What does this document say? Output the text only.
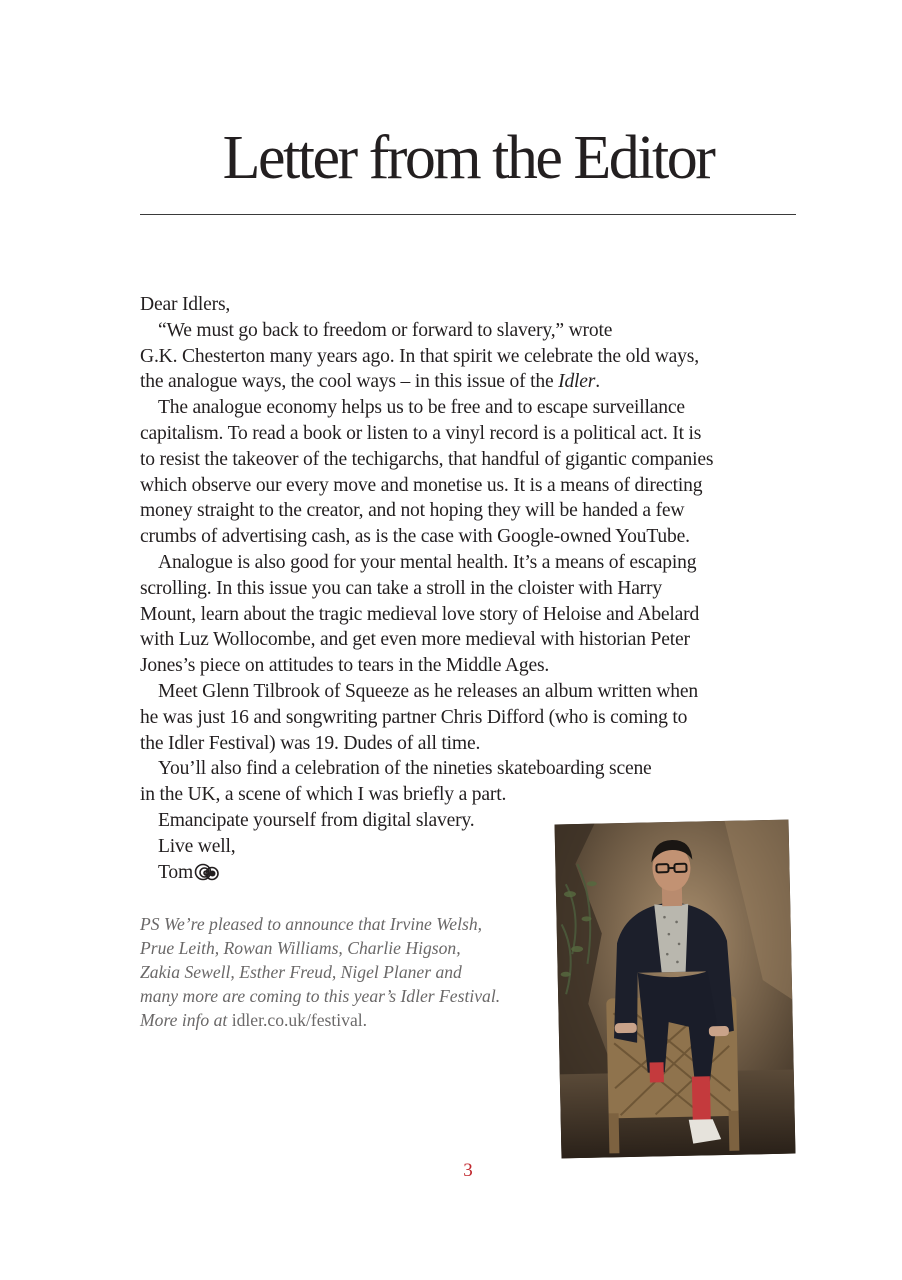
Letter from the Editor
Dear Idlers,
“We must go back to freedom or forward to slavery,” wrote
G.K. Chesterton many years ago. In that spirit we celebrate the old ways,
the analogue ways, the cool ways – in this issue of the Idler.
The analogue economy helps us to be free and to escape surveillance
capitalism. To read a book or listen to a vinyl record is a political act. It is
to resist the takeover of the techigarchs, that handful of gigantic companies
which observe our every move and monetise us. It is a means of directing
money straight to the creator, and not hoping they will be handed a few
crumbs of advertising cash, as is the case with Google-owned YouTube.
Analogue is also good for your mental health. It’s a means of escaping
scrolling. In this issue you can take a stroll in the cloister with Harry
Mount, learn about the tragic medieval love story of Heloise and Abelard
with Luz Wollocombe, and get even more medieval with historian Peter
Jones’s piece on attitudes to tears in the Middle Ages.
Meet Glenn Tilbrook of Squeeze as he releases an album written when
he was just 16 and songwriting partner Chris Difford (who is coming to
the Idler Festival) was 19. Dudes of all time.
You’ll also find a celebration of the nineties skateboarding scene
in the UK, a scene of which I was briefly a part.
Emancipate yourself from digital slavery.
Live well,
Tom
PS We’re pleased to announce that Irvine Welsh,
Prue Leith, Rowan Williams, Charlie Higson,
Zakia Sewell, Esther Freud, Nigel Planer and
many more are coming to this year’s Idler Festival.
More info at idler.co.uk/festival.
3
